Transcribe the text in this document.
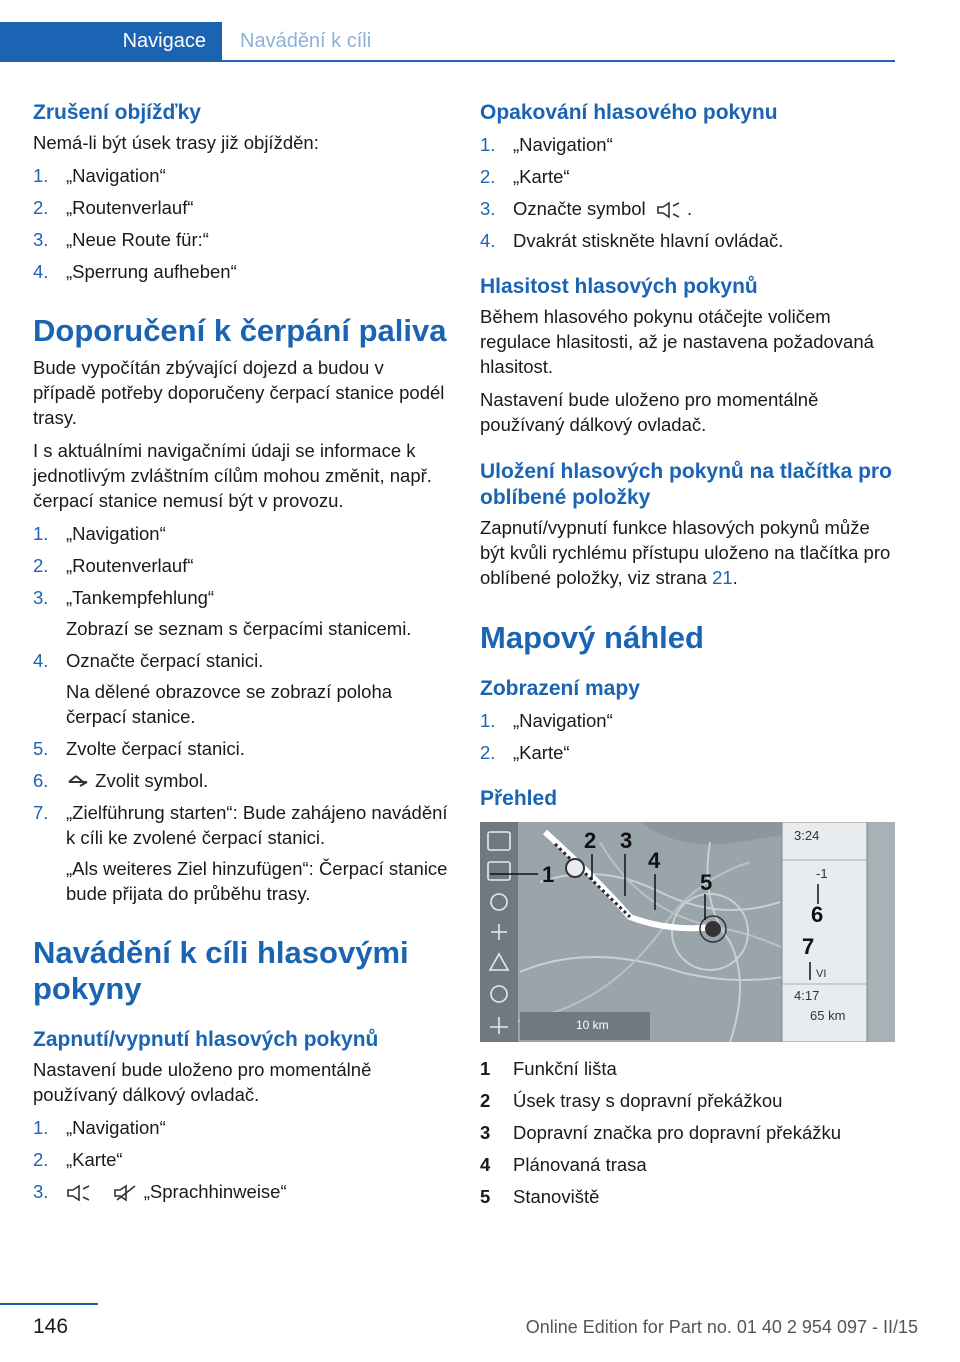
Navigace	Navádění k cíli
Zrušení objížďky

Nemá-li být úsek trasy již objížděn:

1. „Navigation“
2. „Routenverlauf“
3. „Neue Route für:“
4. „Sperrung aufheben“
Doporučení k čerpání paliva

Bude vypočítán zbývající dojezd a budou v případě potřeby doporučeny čerpací stanice podél trasy.

I s aktuálními navigačními údaji se informace k jednotlivým zvláštním cílům mohou změnit, např. čerpací stanice nemusí být v provozu.

1. „Navigation“
2. „Routenverlauf“
3. „Tankempfehlung“
Zobrazí se seznam s čerpacími stanicemi.
4. Označte čerpací stanici.
Na dělené obrazovce se zobrazí poloha čerpací stanice.
5. Zvolte čerpací stanici.
6.	Zvolit symbol.
7. „Zielführung starten“: Bude zahájeno navádění k cíli ke zvolené čerpací stanici.
„Als weiteres Ziel hinzufügen“: Čerpací stanice bude přijata do průběhu trasy.
Navádění k cíli hlasovými pokyny
Zapnutí/vypnutí hlasových pokynů

Nastavení bude uloženo pro momentálně používaný dálkový ovladač.

1. „Navigation“
2. „Karte“
3.	„Sprachhinweise“
Opakování hlasového pokynu
1. „Navigation“
2. „Karte“
3. Označte symbol   .
4. Dvakrát stiskněte hlavní ovládač.
Hlasitost hlasových pokynů

Během hlasového pokynu otáčejte voličem regulace hlasitosti, až je nastavena požadovaná hlasitost.

Nastavení bude uloženo pro momentálně používaný dálkový ovladač.

Uložení hlasových pokynů na tlačítka pro oblíbené položky

Zapnutí/vypnutí funkce hlasových pokynů může být kvůli rychlému přístupu uloženo na tlačítka pro oblíbené položky, viz strana 21.

Mapový náhled
Zobrazení mapy
1. „Navigation“
2. „Karte“
Přehled
1
2 3
4
5
6
7
3:24
-1
4:17
65 km
VI
10 km
1 Funkční lišta
2 Úsek trasy s dopravní překážkou
3 Dopravní značka pro dopravní překážku
4 Plánovaná trasa
5 Stanoviště
146	Online Edition for Part no. 01 40 2 954 097 - II/15
